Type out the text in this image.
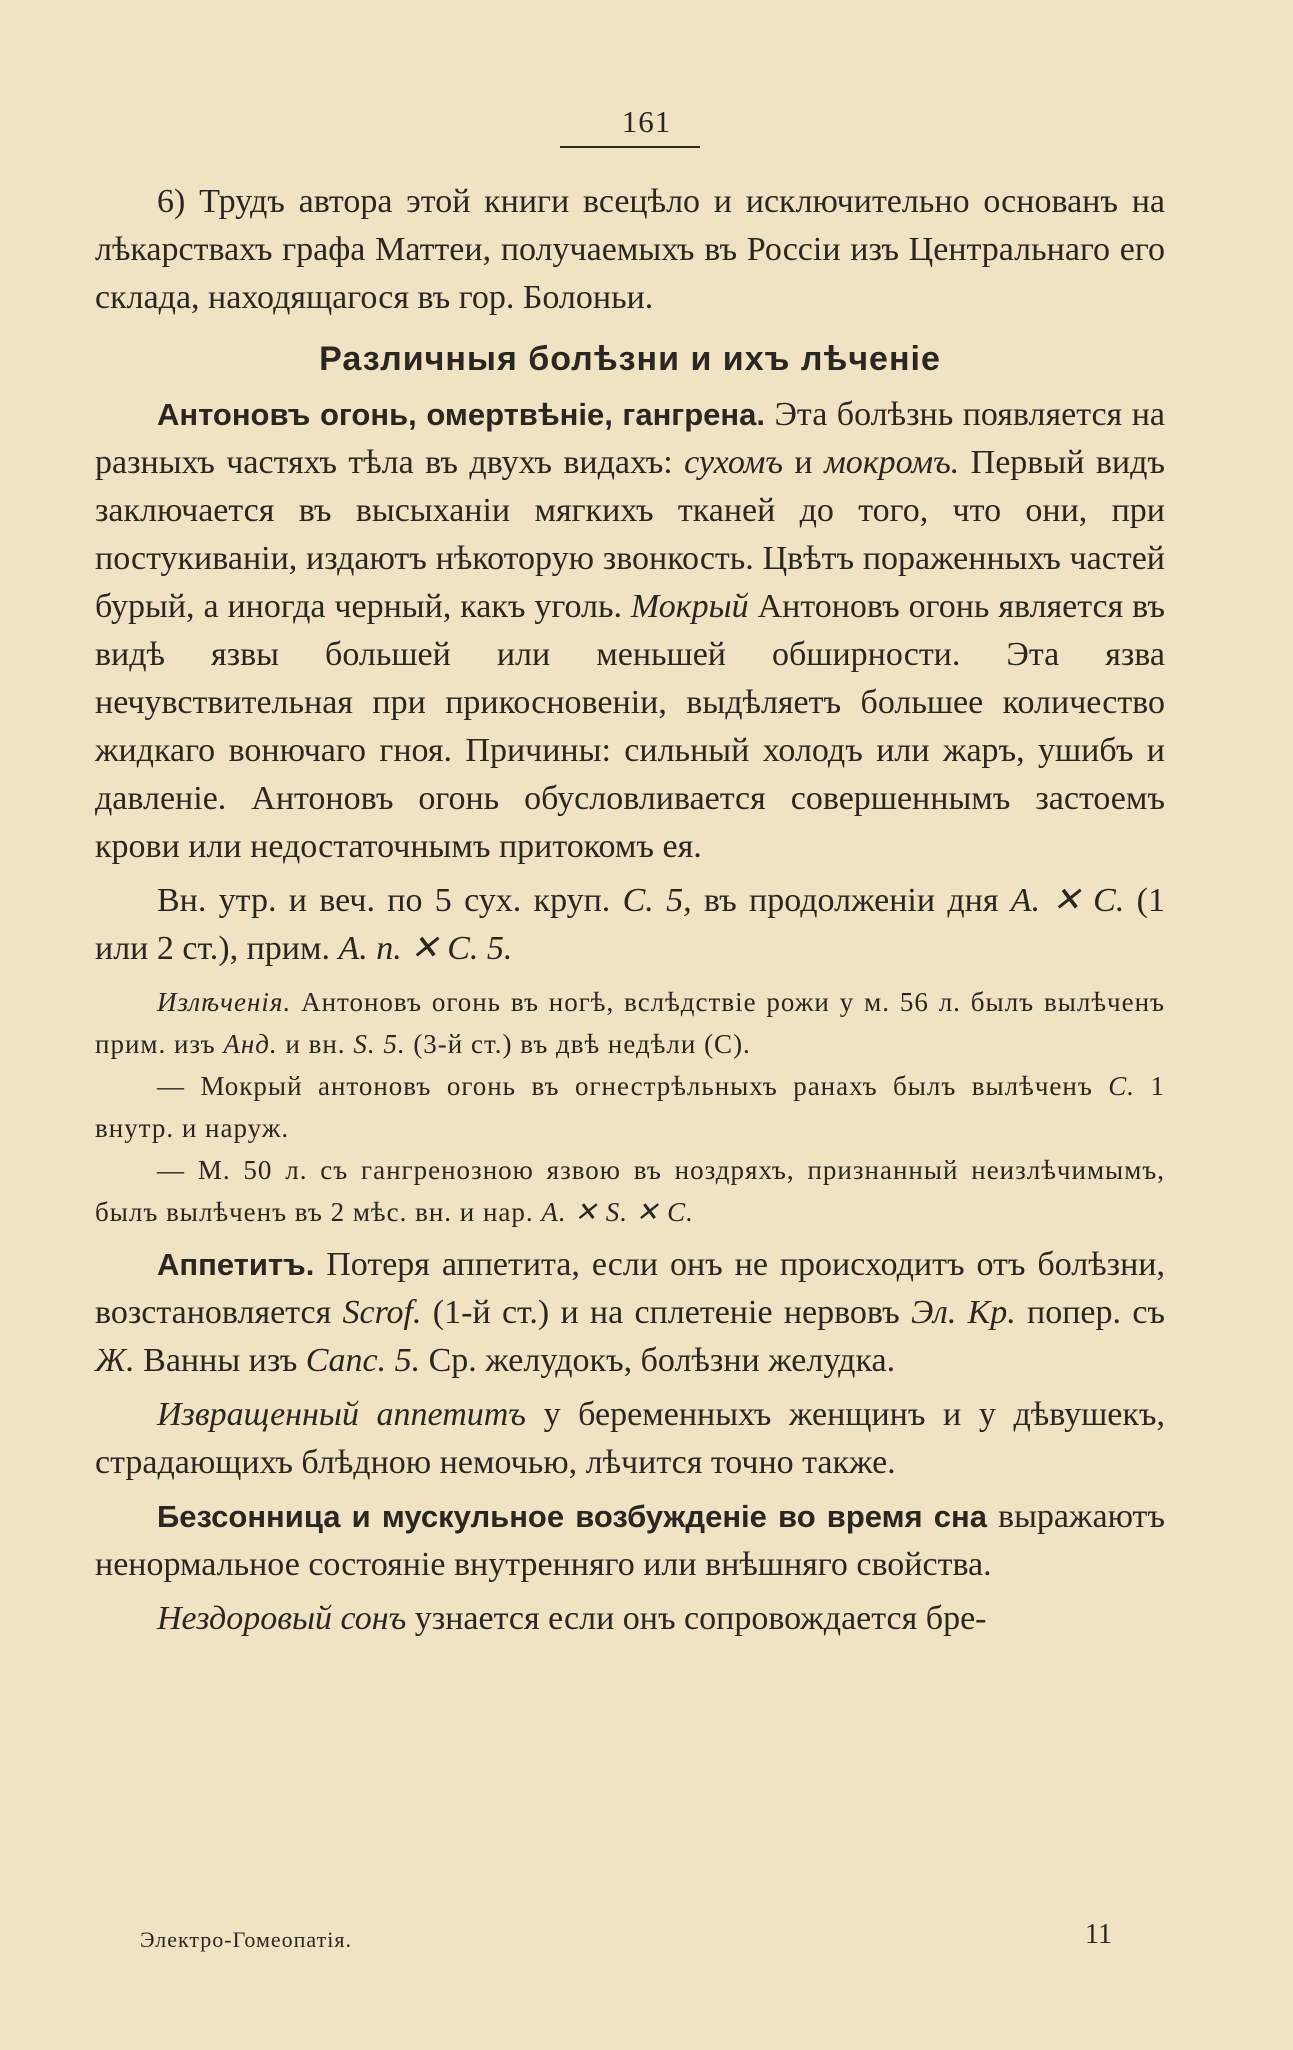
161

6) Трудъ автора этой книги всецѣло и исключительно основанъ на лѣкарствахъ графа Маттеи, получаемыхъ въ Россіи изъ Центральнаго его склада, находящагося въ гор. Болоньи.

Различныя болѣзни и ихъ лѣченіе

Антоновъ огонь, омертвѣніе, гангрена. Эта болѣзнь появляется на разныхъ частяхъ тѣла въ двухъ видахъ: сухомъ и мокромъ. Первый видъ заключается въ высыханіи мягкихъ тканей до того, что они, при постукиваніи, издаютъ нѣкоторую звонкость. Цвѣтъ пораженныхъ частей бурый, а иногда черный, какъ уголь. Мокрый Антоновъ огонь является въ видѣ язвы большей или меньшей обширности. Эта язва нечувствительная при прикосновеніи, выдѣляетъ большее количество жидкаго вонючаго гноя. Причины: сильный холодъ или жаръ, ушибъ и давленіе. Антоновъ огонь обусловливается совершеннымъ застоемъ крови или недостаточнымъ притокомъ ея.

Вн. утр. и веч. по 5 сух. круп. С. 5, въ продолженіи дня А. ✕ С. (1 или 2 ст.), прим. А. п. ✕ С. 5.

Излѣченія. Антоновъ огонь въ ногѣ, вслѣдствіе рожи у м. 56 л. былъ вылѣченъ прим. изъ Анд. и вн. S. 5. (3-й ст.) въ двѣ недѣли (С).

— Мокрый антоновъ огонь въ огнестрѣльныхъ ранахъ былъ вылѣченъ С. 1 внутр. и наруж.

— М. 50 л. съ гангренозною язвою въ ноздряхъ, признанный неизлѣчимымъ, былъ вылѣченъ въ 2 мѣс. вн. и нар. А. ✕ S. ✕ С.

Аппетитъ. Потеря аппетита, если онъ не происходитъ отъ болѣзни, возстановляется Scrof. (1-й ст.) и на сплетеніе нервовъ Эл. Кр. попер. съ Ж. Ванны изъ Canc. 5. Ср. желудокъ, болѣзни желудка.

Извращенный аппетитъ у беременныхъ женщинъ и у дѣвушекъ, страдающихъ блѣдною немочью, лѣчится точно также.

Безсонница и мускульное возбужденіе во время сна выражаютъ ненормальное состояніе внутренняго или внѣшняго свойства.

Нездоровый сонъ узнается если онъ сопровождается бре-

Электро-Гомеопатія.	11
